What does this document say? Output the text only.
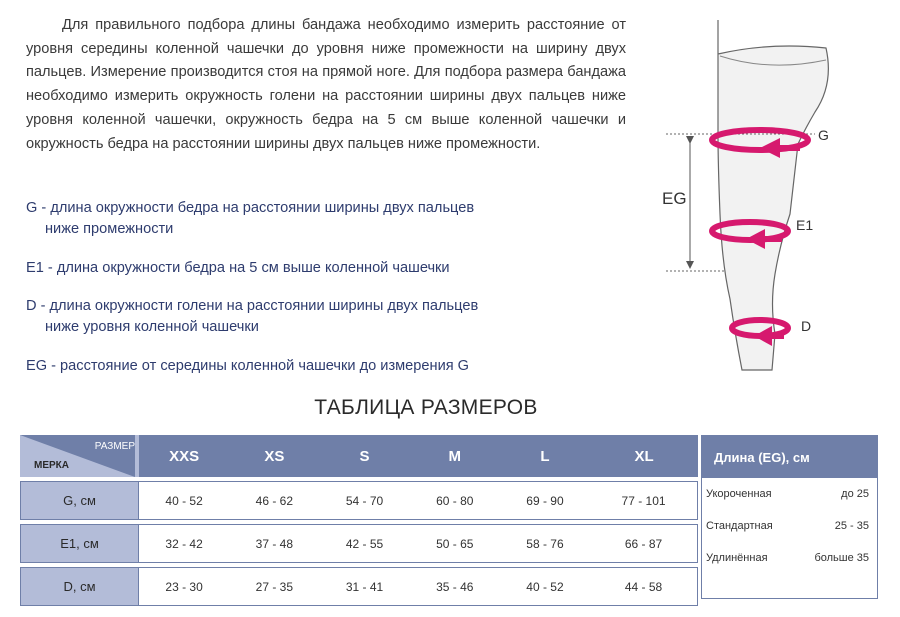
Для правильного подбора длины бандажа необходимо измерить расстояние от уровня середины коленной чашечки до уровня ниже промежности на ширину двух пальцев. Измерение производится стоя на прямой ноге. Для подбора размера бандажа необходимо измерить окружность голени на расстоянии ширины двух пальцев ниже уровня коленной чашечки, окружность бедра на 5 см выше коленной чашечки и окружность бедра на расстоянии ширины двух пальцев ниже промежности.

G - длина окружности бедра на расстоянии ширины двух пальцев
ниже промежности

E1 - длина окружности бедра на 5 см выше коленной чашечки

D - длина окружности голени на расстоянии ширины двух пальцев
ниже уровня коленной чашечки

EG - расстояние от середины коленной чашечки до измерения G

G
E1
D
EG
ТАБЛИЦА РАЗМЕРОВ
РАЗМЕР
МЕРКА	XXS	XS	S	M	L	XL

G, см	40 - 52	46 - 62	54 - 70	60 - 80	69 - 90	77 - 101

E1, см	32 - 42	37 - 48	42 - 55	50 - 65	58 - 76	66 - 87

D, см	23 - 30	27 - 35	31 - 41	35 - 46	40 - 52	44 - 58
Длина (EG), см
Укороченная	до 25
Стандартная	25 - 35
Удлинённая	больше 35
